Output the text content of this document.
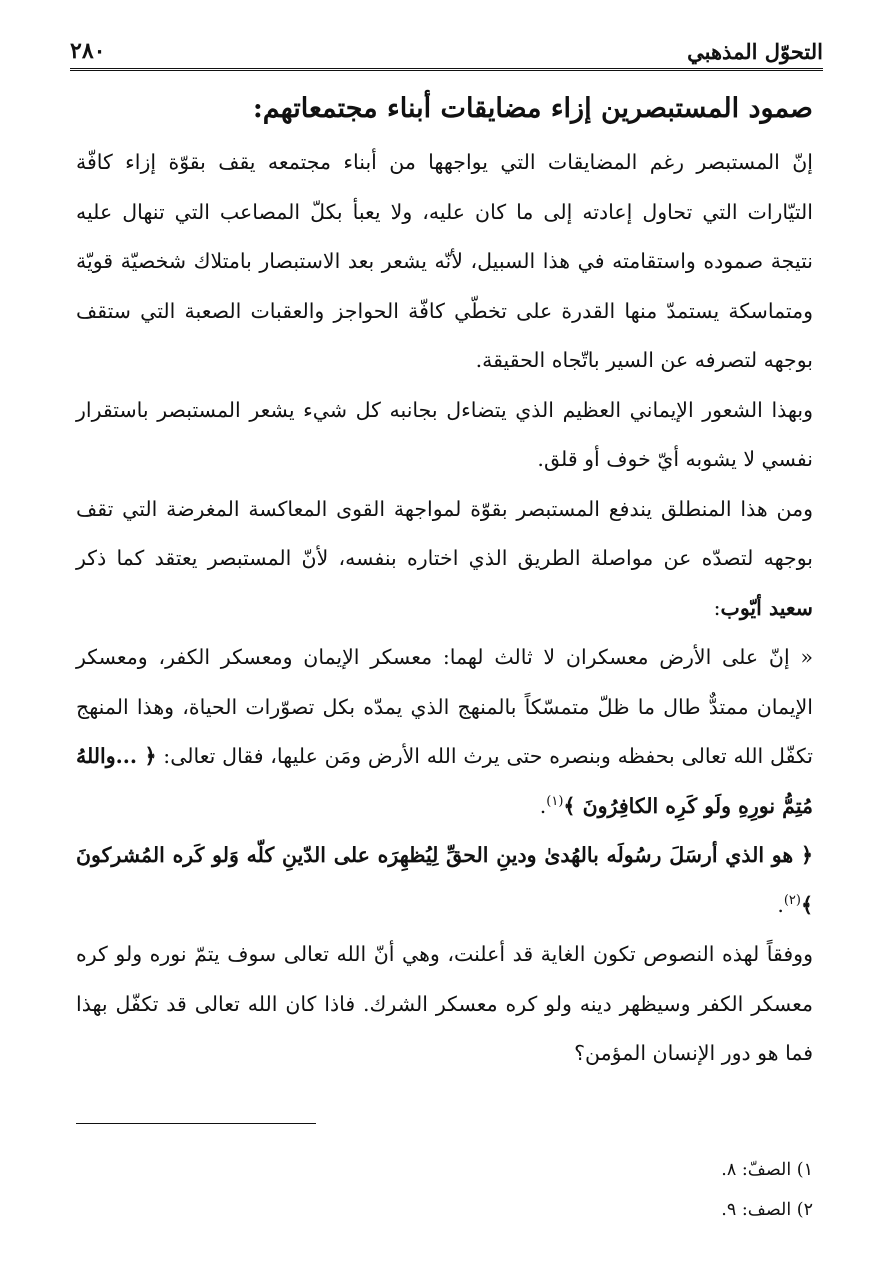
التحوّل المذهبي
٢٨٠
صمود المستبصرين إزاء مضايقات أبناء مجتمعاتهم:

إنّ المستبصر رغم المضايقات التي يواجهها من أبناء مجتمعه يقف بقوّة إزاء كافّة التيّارات التي تحاول إعادته إلى ما كان عليه، ولا يعبأ بكلّ المصاعب التي تنهال عليه نتيجة صموده واستقامته في هذا السبيل، لأنّه يشعر بعد الاستبصار بامتلاك شخصيّة قويّة ومتماسكة يستمدّ منها القدرة على تخطّي كافّة الحواجز والعقبات الصعبة التي ستقف بوجهه لتصرفه عن السير باتّجاه الحقيقة.

وبهذا الشعور الإيماني العظيم الذي يتضاءل بجانبه كل شيء يشعر المستبصر باستقرار نفسي لا يشوبه أيّ خوف أو قلق.

ومن هذا المنطلق يندفع المستبصر بقوّة لمواجهة القوى المعاكسة المغرضة التي تقف بوجهه لتصدّه عن مواصلة الطريق الذي اختاره بنفسه، لأنّ المستبصر يعتقد كما ذكر سعيد أيّوب:

« إنّ على الأرض معسكران لا ثالث لهما: معسكر الإيمان ومعسكر الكفر، ومعسكر الإيمان ممتدٌّ طال ما ظلّ متمسّكاً بالمنهج الذي يمدّه بكل تصوّرات الحياة، وهذا المنهج تكفّل الله تعالى بحفظه وبنصره حتى يرث الله الأرض ومَن عليها، فقال تعالى: ﴿ ...واللهُ مُتِمُّ نورِهِ ولَو كَرِه الكافِرُونَ ﴾$^{(١)}$.

﴿ هو الذي أرسَلَ رسُولَه بالهُدىٰ ودينِ الحقِّ لِيُظهِرَه على الدّينِ كلّه وَلو كَره المُشركونَ ﴾$^{(٢)}$.

ووفقاً لهذه النصوص تكون الغاية قد أعلنت، وهي أنّ الله تعالى سوف يتمّ نوره ولو كره معسكر الكفر وسيظهر دينه ولو كره معسكر الشرك. فاذا كان الله تعالى قد تكفّل بهذا فما هو دور الإنسان المؤمن؟

١) الصفّ: ٨.

٢) الصف: ٩.
